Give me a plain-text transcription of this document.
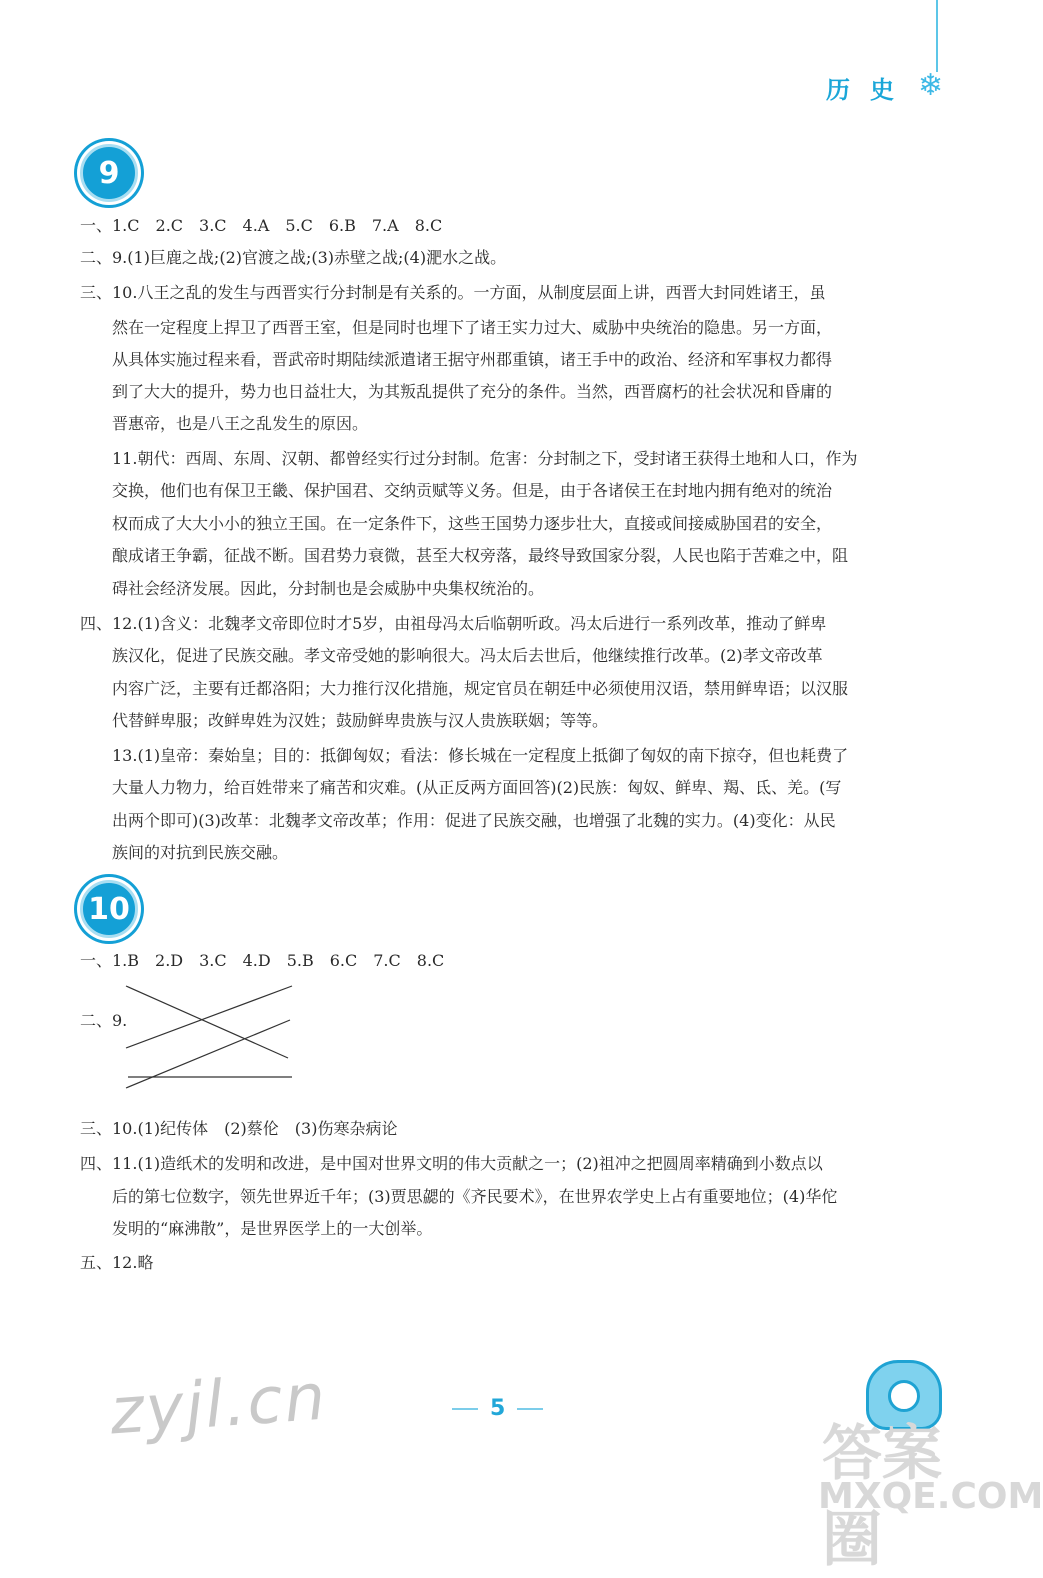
历史 ❄
9
一、1.C　2.C　3.C　4.A　5.C　6.B　7.A　8.C
二、9.(1)巨鹿之战;(2)官渡之战;(3)赤壁之战;(4)淝水之战。
三、10.八王之乱的发生与西晋实行分封制是有关系的。一方面，从制度层面上讲，西晋大封同姓诸王，虽
然在一定程度上捍卫了西晋王室，但是同时也埋下了诸王实力过大、威胁中央统治的隐患。另一方面，
从具体实施过程来看，晋武帝时期陆续派遣诸王据守州郡重镇，诸王手中的政治、经济和军事权力都得
到了大大的提升，势力也日益壮大，为其叛乱提供了充分的条件。当然，西晋腐朽的社会状况和昏庸的
晋惠帝，也是八王之乱发生的原因。
11.朝代：西周、东周、汉朝、都曾经实行过分封制。危害：分封制之下，受封诸王获得土地和人口，作为
交换，他们也有保卫王畿、保护国君、交纳贡赋等义务。但是，由于各诸侯王在封地内拥有绝对的统治
权而成了大大小小的独立王国。在一定条件下，这些王国势力逐步壮大，直接或间接威胁国君的安全，
酿成诸王争霸，征战不断。国君势力衰微，甚至大权旁落，最终导致国家分裂，人民也陷于苦难之中，阻
碍社会经济发展。因此，分封制也是会威胁中央集权统治的。
四、12.(1)含义：北魏孝文帝即位时才5岁，由祖母冯太后临朝听政。冯太后进行一系列改革，推动了鲜卑
族汉化，促进了民族交融。孝文帝受她的影响很大。冯太后去世后，他继续推行改革。(2)孝文帝改革
内容广泛，主要有迁都洛阳；大力推行汉化措施，规定官员在朝廷中必须使用汉语，禁用鲜卑语；以汉服
代替鲜卑服；改鲜卑姓为汉姓；鼓励鲜卑贵族与汉人贵族联姻；等等。
13.(1)皇帝：秦始皇；目的：抵御匈奴；看法：修长城在一定程度上抵御了匈奴的南下掠夺，但也耗费了
大量人力物力，给百姓带来了痛苦和灾难。(从正反两方面回答)(2)民族：匈奴、鲜卑、羯、氐、羌。(写
出两个即可)(3)改革：北魏孝文帝改革；作用：促进了民族交融，也增强了北魏的实力。(4)变化：从民
族间的对抗到民族交融。
10
一、1.B　2.D　3.C　4.D　5.B　6.C　7.C　8.C
二、9.
三、10.(1)纪传体　(2)蔡伦　(3)伤寒杂病论
四、11.(1)造纸术的发明和改进，是中国对世界文明的伟大贡献之一；(2)祖冲之把圆周率精确到小数点以
后的第七位数字，领先世界近千年；(3)贾思勰的《齐民要术》，在世界农学史上占有重要地位；(4)华佗
发明的“麻沸散”，是世界医学上的一大创举。
五、12.略
zyjl.cn	5
答案圈
MXQE.COM
